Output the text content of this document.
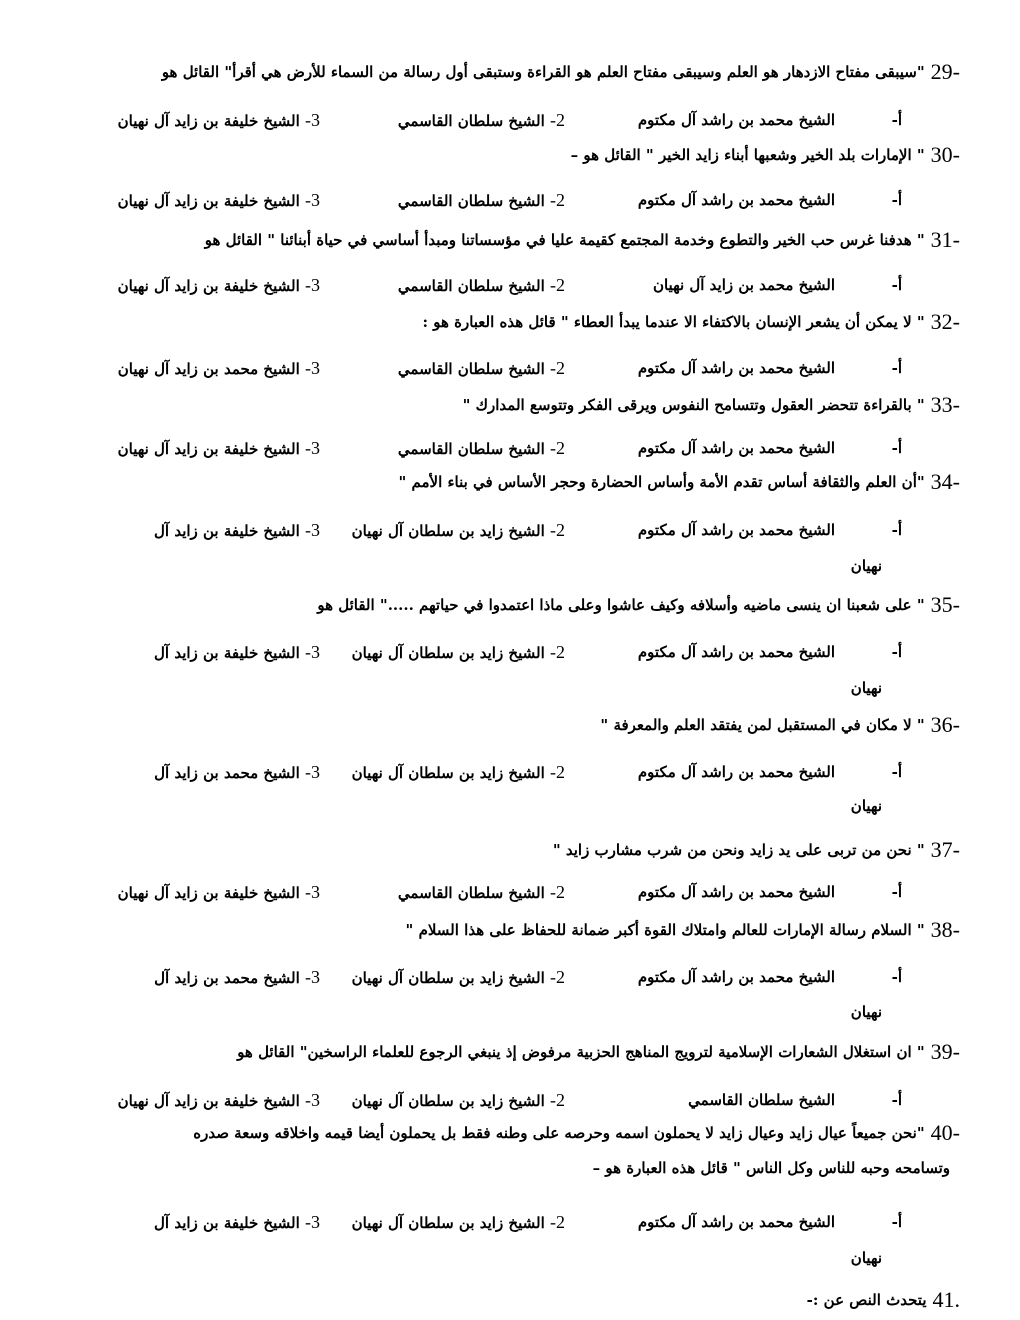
29-
"سيبقى مفتاح الازدهار هو العلم وسيبقى مفتاح العلم هو القراءة وستبقى أول رسالة من السماء للأرض هي أقرأ" القائل هو
أ-
الشيخ محمد بن راشد آل مكتوم
2- الشيخ سلطان القاسمي
3- الشيخ خليفة بن زايد آل نهيان
30-
" الإمارات بلد الخير وشعبها أبناء زايد الخير " القائل هو –
أ-
الشيخ محمد بن راشد آل مكتوم
2- الشيخ سلطان القاسمي
3- الشيخ خليفة بن زايد آل نهيان
31-
" هدفنا غرس حب الخير والتطوع وخدمة المجتمع كقيمة عليا في مؤسساتنا ومبدأ أساسي في حياة أبنائنا " القائل هو
أ-
الشيخ محمد بن زايد آل نهيان
2- الشيخ سلطان القاسمي
3- الشيخ خليفة بن زايد آل نهيان
32-
" لا يمكن أن يشعر الإنسان بالاكتفاء الا عندما يبدأ العطاء " قائل هذه العبارة هو :
أ-
الشيخ محمد بن راشد آل مكتوم
2- الشيخ سلطان القاسمي
3- الشيخ محمد بن زايد آل نهيان
33-
" بالقراءة تتحضر العقول وتتسامح النفوس ويرقى الفكر وتتوسع المدارك "
أ-
الشيخ محمد بن راشد آل مكتوم
2- الشيخ سلطان القاسمي
3- الشيخ خليفة بن زايد آل نهيان
34-
"أن العلم والثقافة أساس تقدم الأمة وأساس الحضارة وحجر الأساس في بناء الأمم "
أ-
الشيخ محمد بن راشد آل مكتوم
2- الشيخ زايد بن سلطان آل نهيان
3- الشيخ خليفة بن زايد آل
نهيان
35-
" على شعبنا ان ينسى ماضيه وأسلافه وكيف عاشوا وعلى ماذا اعتمدوا في حياتهم ....." القائل هو
أ-
الشيخ محمد بن راشد آل مكتوم
2- الشيخ زايد بن سلطان آل نهيان
3- الشيخ خليفة بن زايد آل
نهيان
36-
" لا مكان في المستقبل لمن يفتقد العلم والمعرفة "
أ-
الشيخ محمد بن راشد آل مكتوم
2- الشيخ زايد بن سلطان آل نهيان
3- الشيخ محمد بن زايد آل
نهيان
37-
" نحن من تربى على يد زايد ونحن من شرب مشارب زايد "
أ-
الشيخ محمد بن راشد آل مكتوم
2- الشيخ سلطان القاسمي
3- الشيخ خليفة بن زايد آل نهيان
38-
" السلام رسالة الإمارات للعالم وامتلاك القوة أكبر ضمانة للحفاظ على هذا السلام "
أ-
الشيخ محمد بن راشد آل مكتوم
2- الشيخ زايد بن سلطان آل نهيان
3- الشيخ محمد بن زايد آل
نهيان
39-
" ان استغلال الشعارات الإسلامية لترويج المناهج الحزبية مرفوض إذ ينبغي الرجوع للعلماء الراسخين" القائل هو
أ-
الشيخ سلطان القاسمي
2- الشيخ زايد بن سلطان آل نهيان
3- الشيخ خليفة بن زايد آل نهيان
40-
"نحن جميعاً عيال زايد وعيال زايد لا يحملون اسمه وحرصه على وطنه فقط بل يحملون أيضا قيمه واخلاقه وسعة صدره
وتسامحه وحبه للناس وكل الناس " قائل هذه العبارة هو –
أ-
الشيخ محمد بن راشد آل مكتوم
2- الشيخ زايد بن سلطان آل نهيان
3- الشيخ خليفة بن زايد آل
نهيان
41.
يتحدث النص عن :-
